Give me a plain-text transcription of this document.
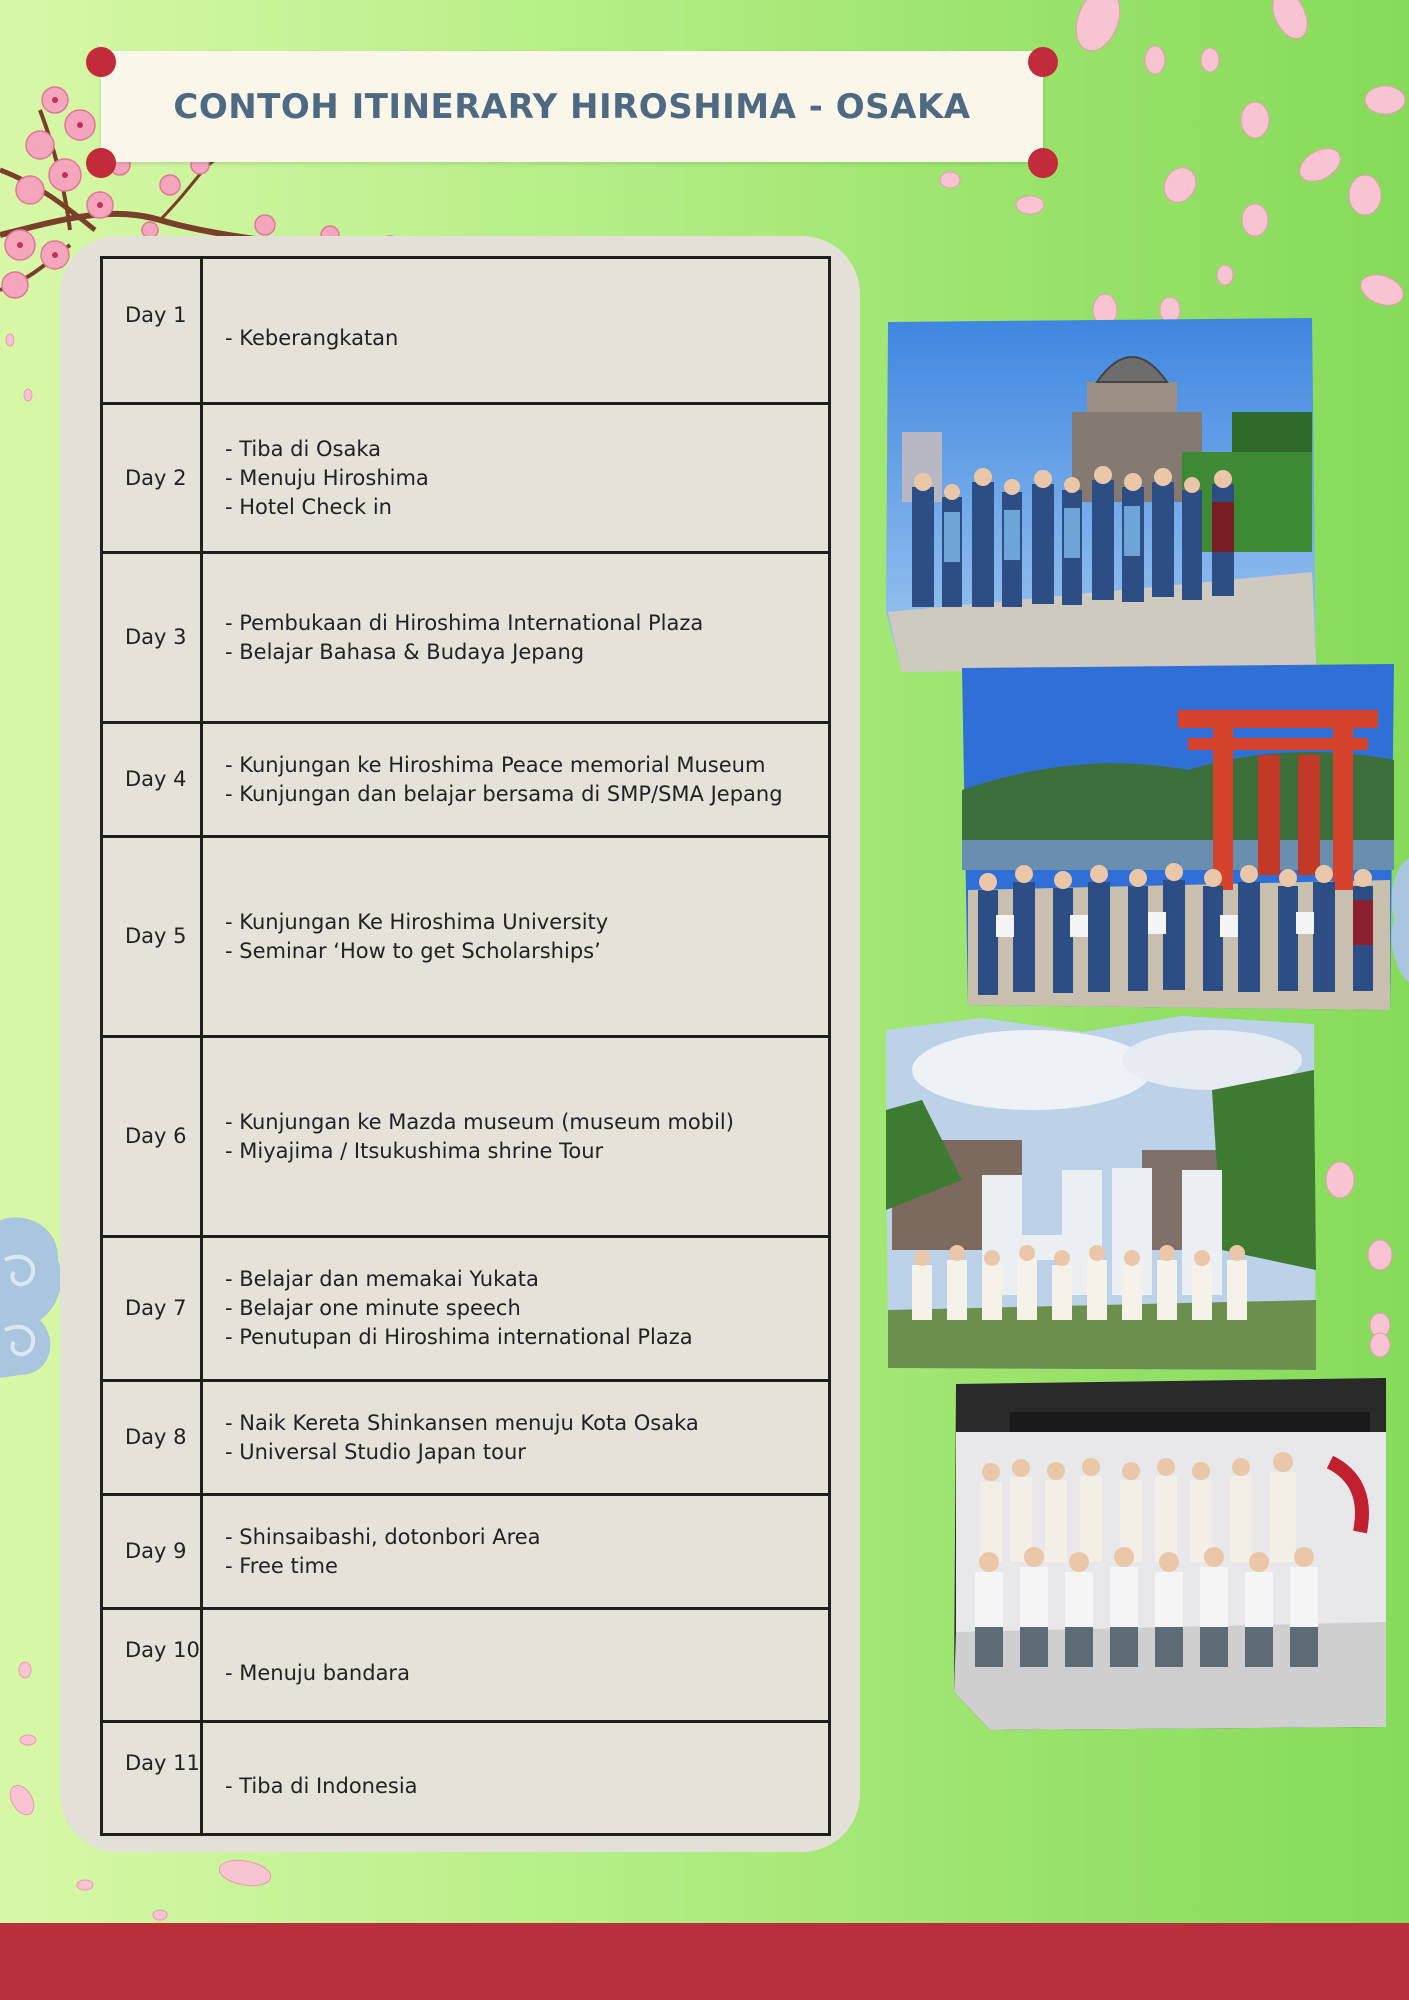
CONTOH ITINERARY HIROSHIMA - OSAKA
Day 1	- Keberangkatan

Day 2	- Tiba di Osaka
- Menuju Hiroshima
- Hotel Check in

Day 3	- Pembukaan di Hiroshima International Plaza
- Belajar Bahasa & Budaya Jepang

Day 4	- Kunjungan ke Hiroshima Peace memorial Museum
- Kunjungan dan belajar bersama di SMP/SMA Jepang

Day 5	- Kunjungan Ke Hiroshima University
- Seminar ‘How to get Scholarships’

Day 6	- Kunjungan ke Mazda museum (museum mobil)
- Miyajima / Itsukushima shrine Tour

Day 7	- Belajar dan memakai Yukata
- Belajar one minute speech
- Penutupan di Hiroshima international Plaza

Day 8	- Naik Kereta Shinkansen menuju Kota Osaka
- Universal Studio Japan tour

Day 9	- Shinsaibashi, dotonbori Area
- Free time

Day 10	- Menuju bandara

Day 11	- Tiba di Indonesia
